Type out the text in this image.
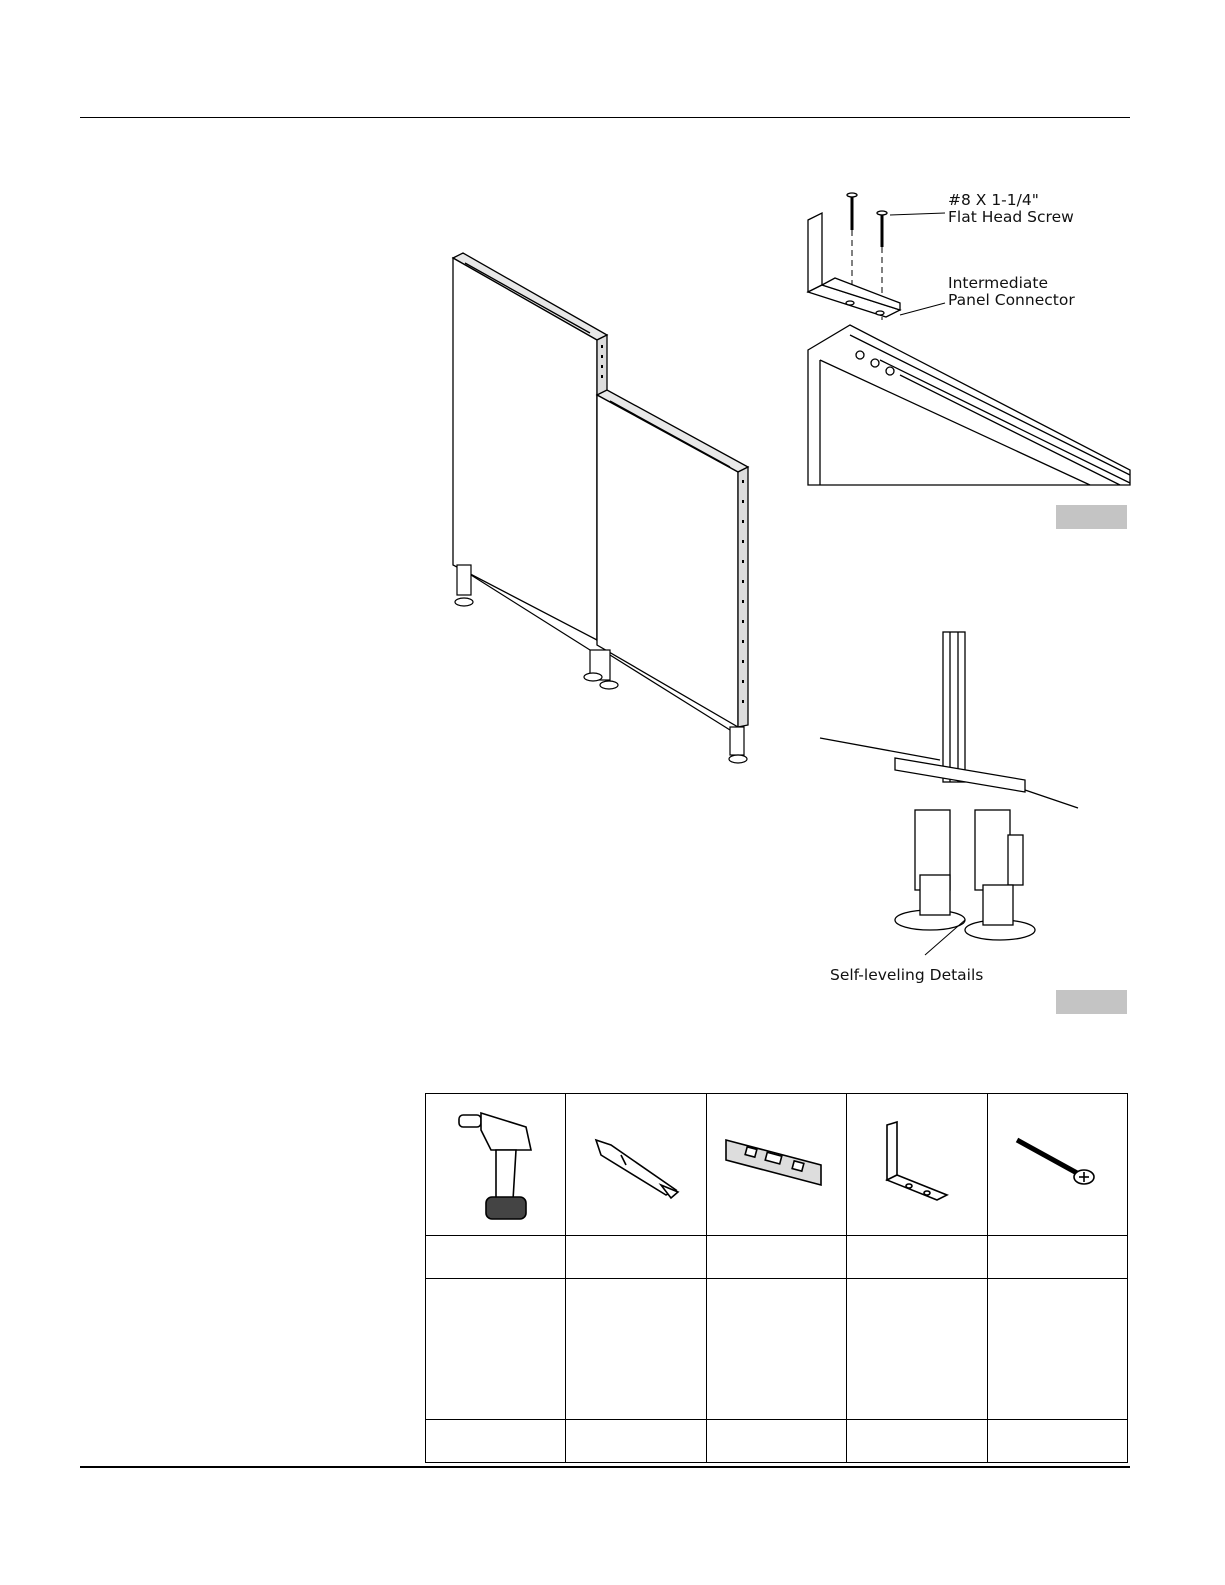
#8 X 1-1/4"
Flat Head Screw
Intermediate
Panel Connector
Self-leveling Details
